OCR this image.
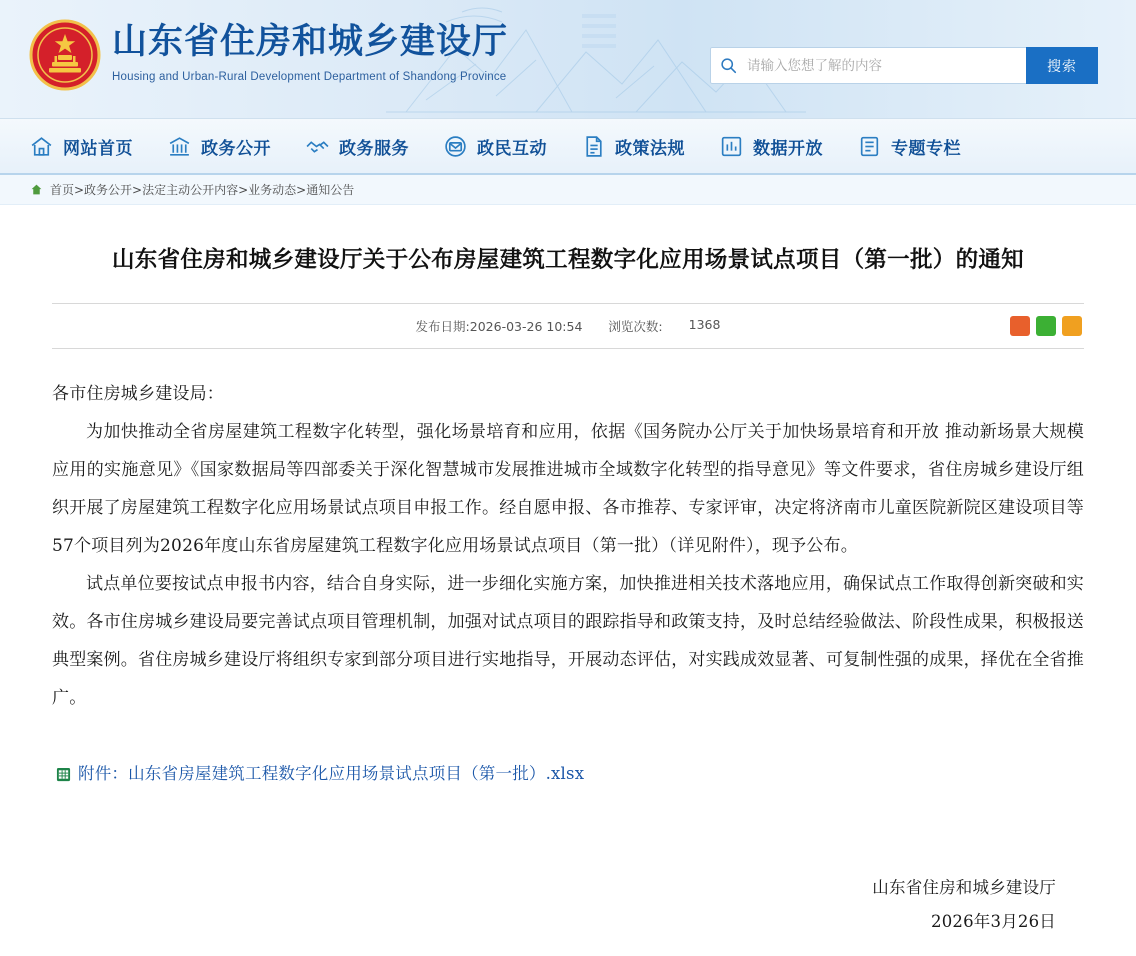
山东省住房和城乡建设厅
Housing and Urban-Rural Development Department of Shandong Province
请输入您想了解的内容
搜索
网站首页	政务公开	政务服务	政民互动	政策法规	数据开放	专题专栏
首页>政务公开>法定主动公开内容>业务动态>通知公告
山东省住房和城乡建设厅关于公布房屋建筑工程数字化应用场景试点项目（第一批）的通知
发布日期:2026-03-26 10:54 浏览次数: 1368

各市住房城乡建设局：

为加快推动全省房屋建筑工程数字化转型，强化场景培育和应用，依据《国务院办公厅关于加快场景培育和开放 推动新场景大规模应用的实施意见》《国家数据局等四部委关于深化智慧城市发展推进城市全域数字化转型的指导意见》等文件要求，省住房城乡建设厅组织开展了房屋建筑工程数字化应用场景试点项目申报工作。经自愿申报、各市推荐、专家评审，决定将济南市儿童医院新院区建设项目等57个项目列为2026年度山东省房屋建筑工程数字化应用场景试点项目（第一批）（详见附件），现予公布。

试点单位要按试点申报书内容，结合自身实际，进一步细化实施方案，加快推进相关技术落地应用，确保试点工作取得创新突破和实效。各市住房城乡建设局要完善试点项目管理机制，加强对试点项目的跟踪指导和政策支持，及时总结经验做法、阶段性成果，积极报送典型案例。省住房城乡建设厅将组织专家到部分项目进行实地指导，开展动态评估，对实践成效显著、可复制性强的成果，择优在全省推广。

附件：山东省房屋建筑工程数字化应用场景试点项目（第一批）.xlsx
山东省住房和城乡建设厅
2026年3月26日
